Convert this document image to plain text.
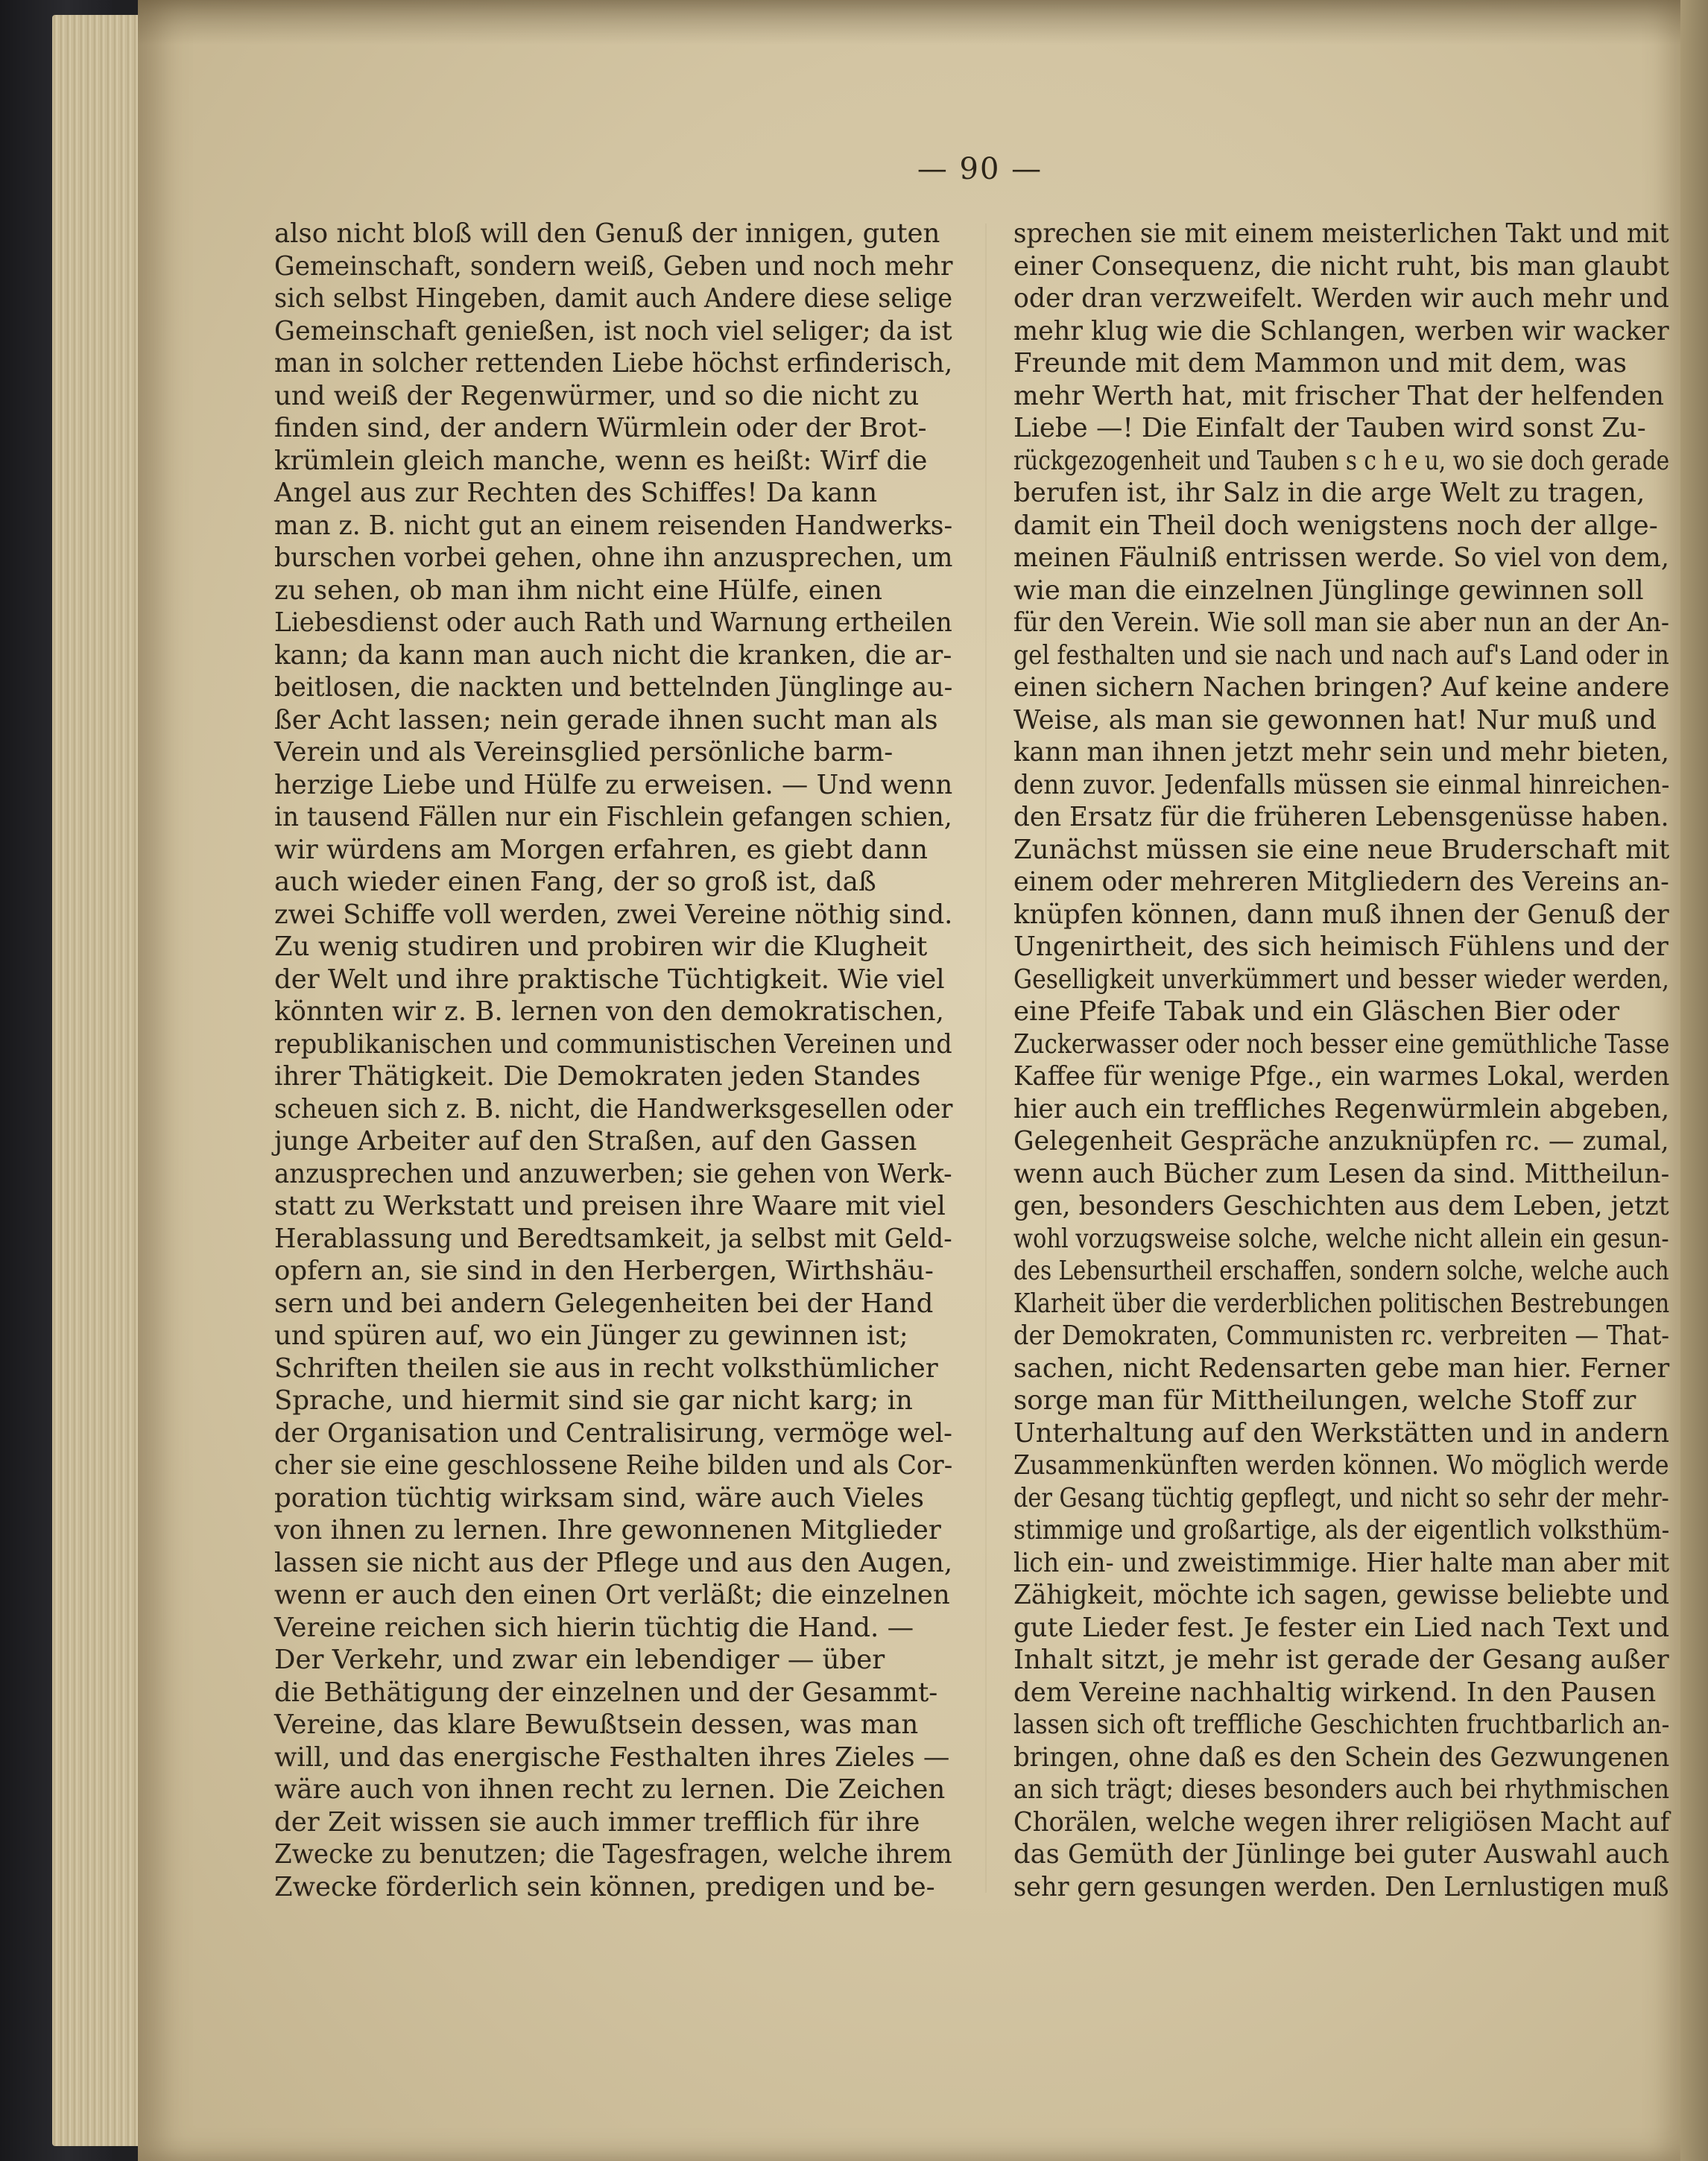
— 90 —
also nicht bloß will den Genuß der innigen, guten
Gemeinschaft, sondern weiß, Geben und noch mehr
sich selbst Hingeben, damit auch Andere diese selige
Gemeinschaft genießen, ist noch viel seliger; da ist
man in solcher rettenden Liebe höchst erfinderisch,
und weiß der Regenwürmer, und so die nicht zu
finden sind, der andern Würmlein oder der Brot-
krümlein gleich manche, wenn es heißt: Wirf die
Angel aus zur Rechten des Schiffes! Da kann
man z. B. nicht gut an einem reisenden Handwerks-
burschen vorbei gehen, ohne ihn anzusprechen, um
zu sehen, ob man ihm nicht eine Hülfe, einen
Liebesdienst oder auch Rath und Warnung ertheilen
kann; da kann man auch nicht die kranken, die ar-
beitlosen, die nackten und bettelnden Jünglinge au-
ßer Acht lassen; nein gerade ihnen sucht man als
Verein und als Vereinsglied persönliche barm-
herzige Liebe und Hülfe zu erweisen. — Und wenn
in tausend Fällen nur ein Fischlein gefangen schien,
wir würdens am Morgen erfahren, es giebt dann
auch wieder einen Fang, der so groß ist, daß
zwei Schiffe voll werden, zwei Vereine nöthig sind.
Zu wenig studiren und probiren wir die Klugheit
der Welt und ihre praktische Tüchtigkeit. Wie viel
könnten wir z. B. lernen von den demokratischen,
republikanischen und communistischen Vereinen und
ihrer Thätigkeit. Die Demokraten jeden Standes
scheuen sich z. B. nicht, die Handwerksgesellen oder
junge Arbeiter auf den Straßen, auf den Gassen
anzusprechen und anzuwerben; sie gehen von Werk-
statt zu Werkstatt und preisen ihre Waare mit viel
Herablassung und Beredtsamkeit, ja selbst mit Geld-
opfern an, sie sind in den Herbergen, Wirthshäu-
sern und bei andern Gelegenheiten bei der Hand
und spüren auf, wo ein Jünger zu gewinnen ist;
Schriften theilen sie aus in recht volksthümlicher
Sprache, und hiermit sind sie gar nicht karg; in
der Organisation und Centralisirung, vermöge wel-
cher sie eine geschlossene Reihe bilden und als Cor-
poration tüchtig wirksam sind, wäre auch Vieles
von ihnen zu lernen. Ihre gewonnenen Mitglieder
lassen sie nicht aus der Pflege und aus den Augen,
wenn er auch den einen Ort verläßt; die einzelnen
Vereine reichen sich hierin tüchtig die Hand. —
Der Verkehr, und zwar ein lebendiger — über
die Bethätigung der einzelnen und der Gesammt-
Vereine, das klare Bewußtsein dessen, was man
will, und das energische Festhalten ihres Zieles —
wäre auch von ihnen recht zu lernen. Die Zeichen
der Zeit wissen sie auch immer trefflich für ihre
Zwecke zu benutzen; die Tagesfragen, welche ihrem
Zwecke förderlich sein können, predigen und be-
sprechen sie mit einem meisterlichen Takt und mit
einer Consequenz, die nicht ruht, bis man glaubt
oder dran verzweifelt. Werden wir auch mehr und
mehr klug wie die Schlangen, werben wir wacker
Freunde mit dem Mammon und mit dem, was
mehr Werth hat, mit frischer That der helfenden
Liebe —! Die Einfalt der Tauben wird sonst Zu-
rückgezogenheit und Tauben s c h e u, wo sie doch gerade
berufen ist, ihr Salz in die arge Welt zu tragen,
damit ein Theil doch wenigstens noch der allge-
meinen Fäulniß entrissen werde. So viel von dem,
wie man die einzelnen Jünglinge gewinnen soll
für den Verein. Wie soll man sie aber nun an der An-
gel festhalten und sie nach und nach auf's Land oder in
einen sichern Nachen bringen? Auf keine andere
Weise, als man sie gewonnen hat! Nur muß und
kann man ihnen jetzt mehr sein und mehr bieten,
denn zuvor. Jedenfalls müssen sie einmal hinreichen-
den Ersatz für die früheren Lebensgenüsse haben.
Zunächst müssen sie eine neue Bruderschaft mit
einem oder mehreren Mitgliedern des Vereins an-
knüpfen können, dann muß ihnen der Genuß der
Ungenirtheit, des sich heimisch Fühlens und der
Geselligkeit unverkümmert und besser wieder werden,
eine Pfeife Tabak und ein Gläschen Bier oder
Zuckerwasser oder noch besser eine gemüthliche Tasse
Kaffee für wenige Pfge., ein warmes Lokal, werden
hier auch ein treffliches Regenwürmlein abgeben,
Gelegenheit Gespräche anzuknüpfen rc. — zumal,
wenn auch Bücher zum Lesen da sind. Mittheilun-
gen, besonders Geschichten aus dem Leben, jetzt
wohl vorzugsweise solche, welche nicht allein ein gesun-
des Lebensurtheil erschaffen, sondern solche, welche auch
Klarheit über die verderblichen politischen Bestrebungen
der Demokraten, Communisten rc. verbreiten — That-
sachen, nicht Redensarten gebe man hier. Ferner
sorge man für Mittheilungen, welche Stoff zur
Unterhaltung auf den Werkstätten und in andern
Zusammenkünften werden können. Wo möglich werde
der Gesang tüchtig gepflegt, und nicht so sehr der mehr-
stimmige und großartige, als der eigentlich volksthüm-
lich ein- und zweistimmige. Hier halte man aber mit
Zähigkeit, möchte ich sagen, gewisse beliebte und
gute Lieder fest. Je fester ein Lied nach Text und
Inhalt sitzt, je mehr ist gerade der Gesang außer
dem Vereine nachhaltig wirkend. In den Pausen
lassen sich oft treffliche Geschichten fruchtbarlich an-
bringen, ohne daß es den Schein des Gezwungenen
an sich trägt; dieses besonders auch bei rhythmischen
Chorälen, welche wegen ihrer religiösen Macht auf
das Gemüth der Jünlinge bei guter Auswahl auch
sehr gern gesungen werden. Den Lernlustigen muß
